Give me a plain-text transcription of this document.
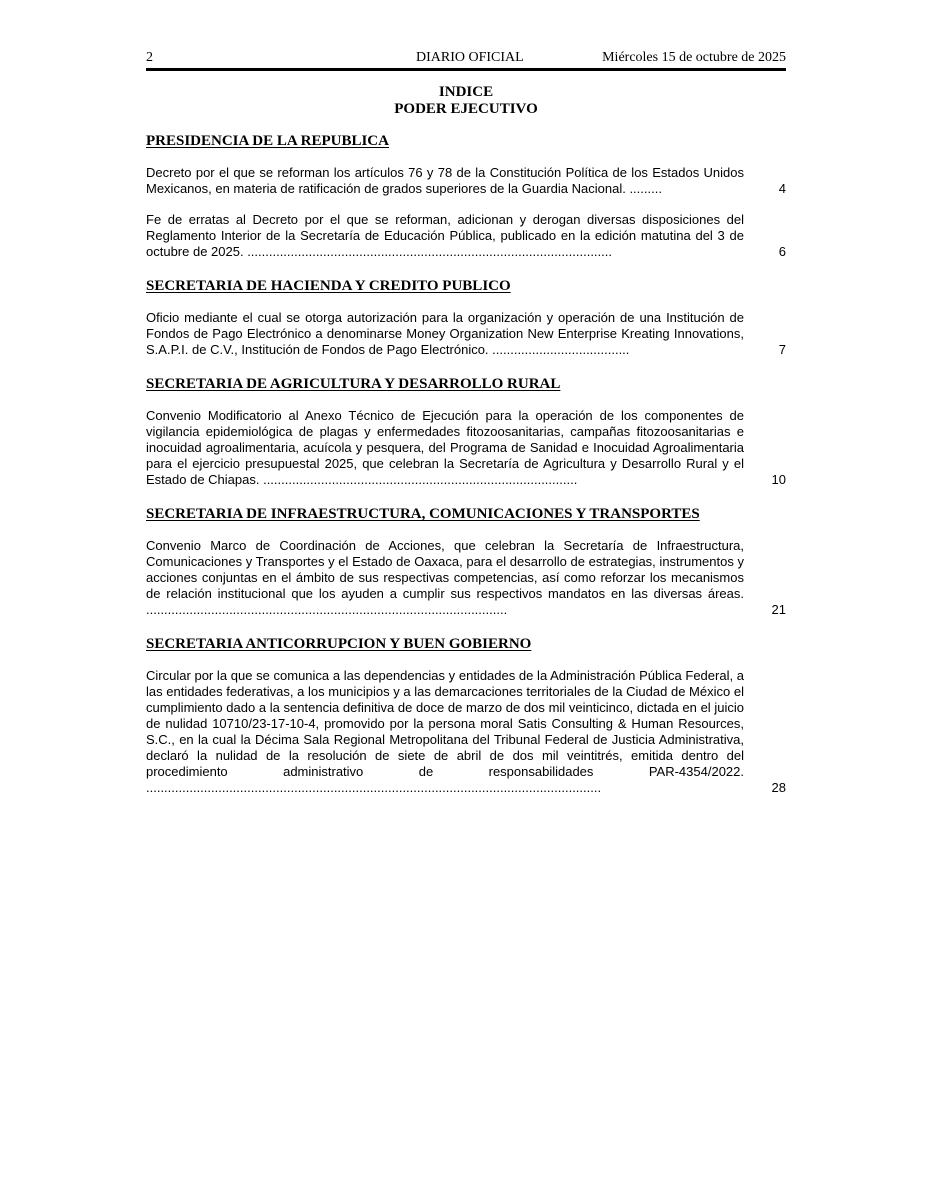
2	DIARIO OFICIAL	Miércoles 15 de octubre de 2025
INDICE
PODER EJECUTIVO
PRESIDENCIA DE LA REPUBLICA
Decreto por el que se reforman los artículos 76 y 78 de la Constitución Política de los Estados Unidos Mexicanos, en materia de ratificación de grados superiores de la Guardia Nacional. .........	4
Fe de erratas al Decreto por el que se reforman, adicionan y derogan diversas disposiciones del Reglamento Interior de la Secretaría de Educación Pública, publicado en la edición matutina del 3 de octubre de 2025. .....................................................................................................	6
SECRETARIA DE HACIENDA Y CREDITO PUBLICO
Oficio mediante el cual se otorga autorización para la organización y operación de una Institución de Fondos de Pago Electrónico a denominarse Money Organization New Enterprise Kreating Innovations, S.A.P.I. de C.V., Institución de Fondos de Pago Electrónico. ......................................	7
SECRETARIA DE AGRICULTURA Y DESARROLLO RURAL
Convenio Modificatorio al Anexo Técnico de Ejecución para la operación de los componentes de vigilancia epidemiológica de plagas y enfermedades fitozoosanitarias, campañas fitozoosanitarias e inocuidad agroalimentaria, acuícola y pesquera, del Programa de Sanidad e Inocuidad Agroalimentaria para el ejercicio presupuestal 2025, que celebran la Secretaría de Agricultura y Desarrollo Rural y el Estado de Chiapas. .......................................................................................	10
SECRETARIA DE INFRAESTRUCTURA, COMUNICACIONES Y TRANSPORTES
Convenio Marco de Coordinación de Acciones, que celebran la Secretaría de Infraestructura, Comunicaciones y Transportes y el Estado de Oaxaca, para el desarrollo de estrategias, instrumentos y acciones conjuntas en el ámbito de sus respectivas competencias, así como reforzar los mecanismos de relación institucional que los ayuden a cumplir sus respectivos mandatos en las diversas áreas. ....................................................................................................	21
SECRETARIA ANTICORRUPCION Y BUEN GOBIERNO
Circular por la que se comunica a las dependencias y entidades de la Administración Pública Federal, a las entidades federativas, a los municipios y a las demarcaciones territoriales de la Ciudad de México el cumplimiento dado a la sentencia definitiva de doce de marzo de dos mil veinticinco, dictada en el juicio de nulidad 10710/23-17-10-4, promovido por la persona moral Satis Consulting & Human Resources, S.C., en la cual la Décima Sala Regional Metropolitana del Tribunal Federal de Justicia Administrativa, declaró la nulidad de la resolución de siete de abril de dos mil veintitrés, emitida dentro del procedimiento administrativo de responsabilidades PAR-4354/2022. ..............................................................................................................................	28
